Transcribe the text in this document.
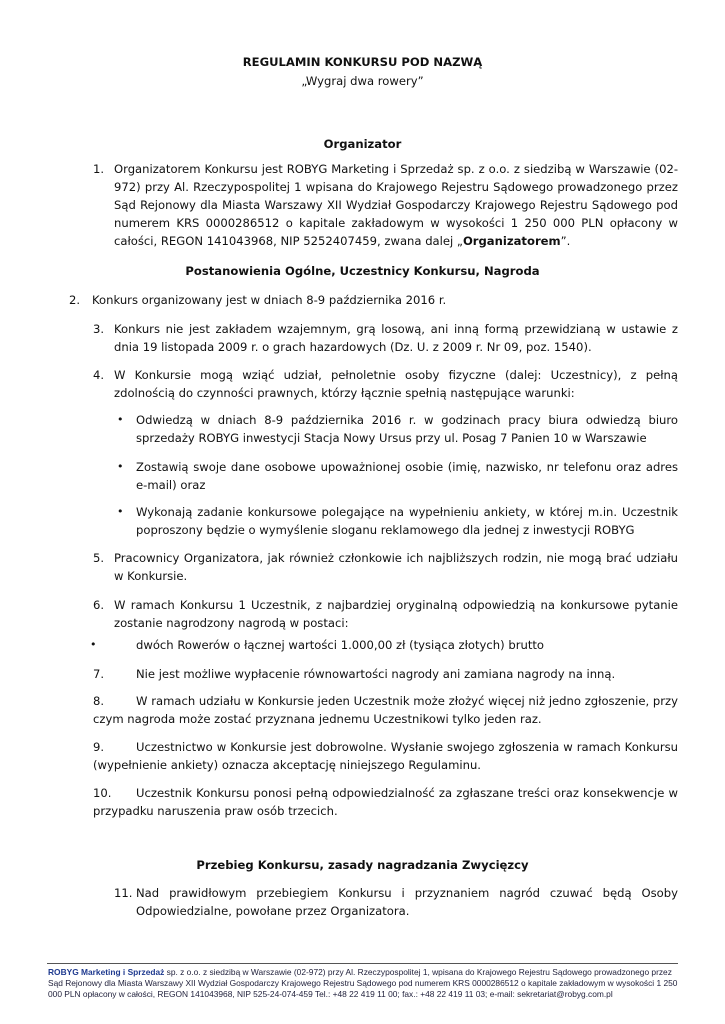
REGULAMIN KONKURSU POD NAZWĄ
„Wygraj dwa rowery”
Organizator
1. Organizatorem Konkursu jest ROBYG Marketing i Sprzedaż sp. z o.o. z siedzibą w Warszawie (02-972) przy Al. Rzeczypospolitej 1 wpisana do Krajowego Rejestru Sądowego prowadzonego przez Sąd Rejonowy dla Miasta Warszawy XII Wydział Gospodarczy Krajowego Rejestru Sądowego pod numerem KRS 0000286512 o kapitale zakładowym w wysokości 1 250 000 PLN opłacony w całości, REGON 141043968, NIP 5252407459, zwana dalej „Organizatorem”.
Postanowienia Ogólne, Uczestnicy Konkursu, Nagroda
2. Konkurs organizowany jest w dniach 8-9 października 2016 r.
3. Konkurs nie jest zakładem wzajemnym, grą losową, ani inną formą przewidzianą w ustawie z dnia 19 listopada 2009 r. o grach hazardowych (Dz. U. z 2009 r. Nr 09, poz. 1540).
4. W Konkursie mogą wziąć udział, pełnoletnie osoby fizyczne (dalej: Uczestnicy), z pełną zdolnością do czynności prawnych, którzy łącznie spełnią następujące warunki:
• Odwiedzą w dniach 8-9 października 2016 r. w godzinach pracy biura odwiedzą biuro sprzedaży ROBYG inwestycji Stacja Nowy Ursus przy ul. Posag 7 Panien 10 w Warszawie
• Zostawią swoje dane osobowe upoważnionej osobie (imię, nazwisko, nr telefonu oraz adres e-mail) oraz
• Wykonają zadanie konkursowe polegające na wypełnieniu ankiety, w której m.in. Uczestnik poproszony będzie o wymyślenie sloganu reklamowego dla jednej z inwestycji ROBYG
5. Pracownicy Organizatora, jak również członkowie ich najbliższych rodzin, nie mogą brać udziału w Konkursie.
6. W ramach Konkursu 1 Uczestnik, z najbardziej oryginalną odpowiedzią na konkursowe pytanie zostanie nagrodzony nagrodą w postaci:
•	dwóch Rowerów o łącznej wartości 1.000,00 zł (tysiąca złotych) brutto
7.	Nie jest możliwe wypłacenie równowartości nagrody ani zamiana nagrody na inną.
8.	W ramach udziału w Konkursie jeden Uczestnik może złożyć więcej niż jedno zgłoszenie, przy czym nagroda może zostać przyznana jednemu Uczestnikowi tylko jeden raz.
9.	Uczestnictwo w Konkursie jest dobrowolne. Wysłanie swojego zgłoszenia w ramach Konkursu (wypełnienie ankiety) oznacza akceptację niniejszego Regulaminu.
10. Uczestnik Konkursu ponosi pełną odpowiedzialność za zgłaszane treści oraz konsekwencje w przypadku naruszenia praw osób trzecich.
Przebieg Konkursu, zasady nagradzania Zwycięzcy
11. Nad prawidłowym przebiegiem Konkursu i przyznaniem nagród czuwać będą Osoby Odpowiedzialne, powołane przez Organizatora.
ROBYG Marketing i Sprzedaż sp. z o.o. z siedzibą w Warszawie (02-972) przy Al. Rzeczypospolitej 1, wpisana do Krajowego Rejestru Sądowego prowadzonego przez Sąd Rejonowy dla Miasta Warszawy XII Wydział Gospodarczy Krajowego Rejestru Sądowego pod numerem KRS 0000286512 o kapitale zakładowym w wysokości 1 250 000 PLN opłacony w całości, REGON 141043968, NIP 525-24-074-459 Tel.: +48 22 419 11 00; fax.: +48 22 419 11 03; e-mail: sekretariat@robyg.com.pl
